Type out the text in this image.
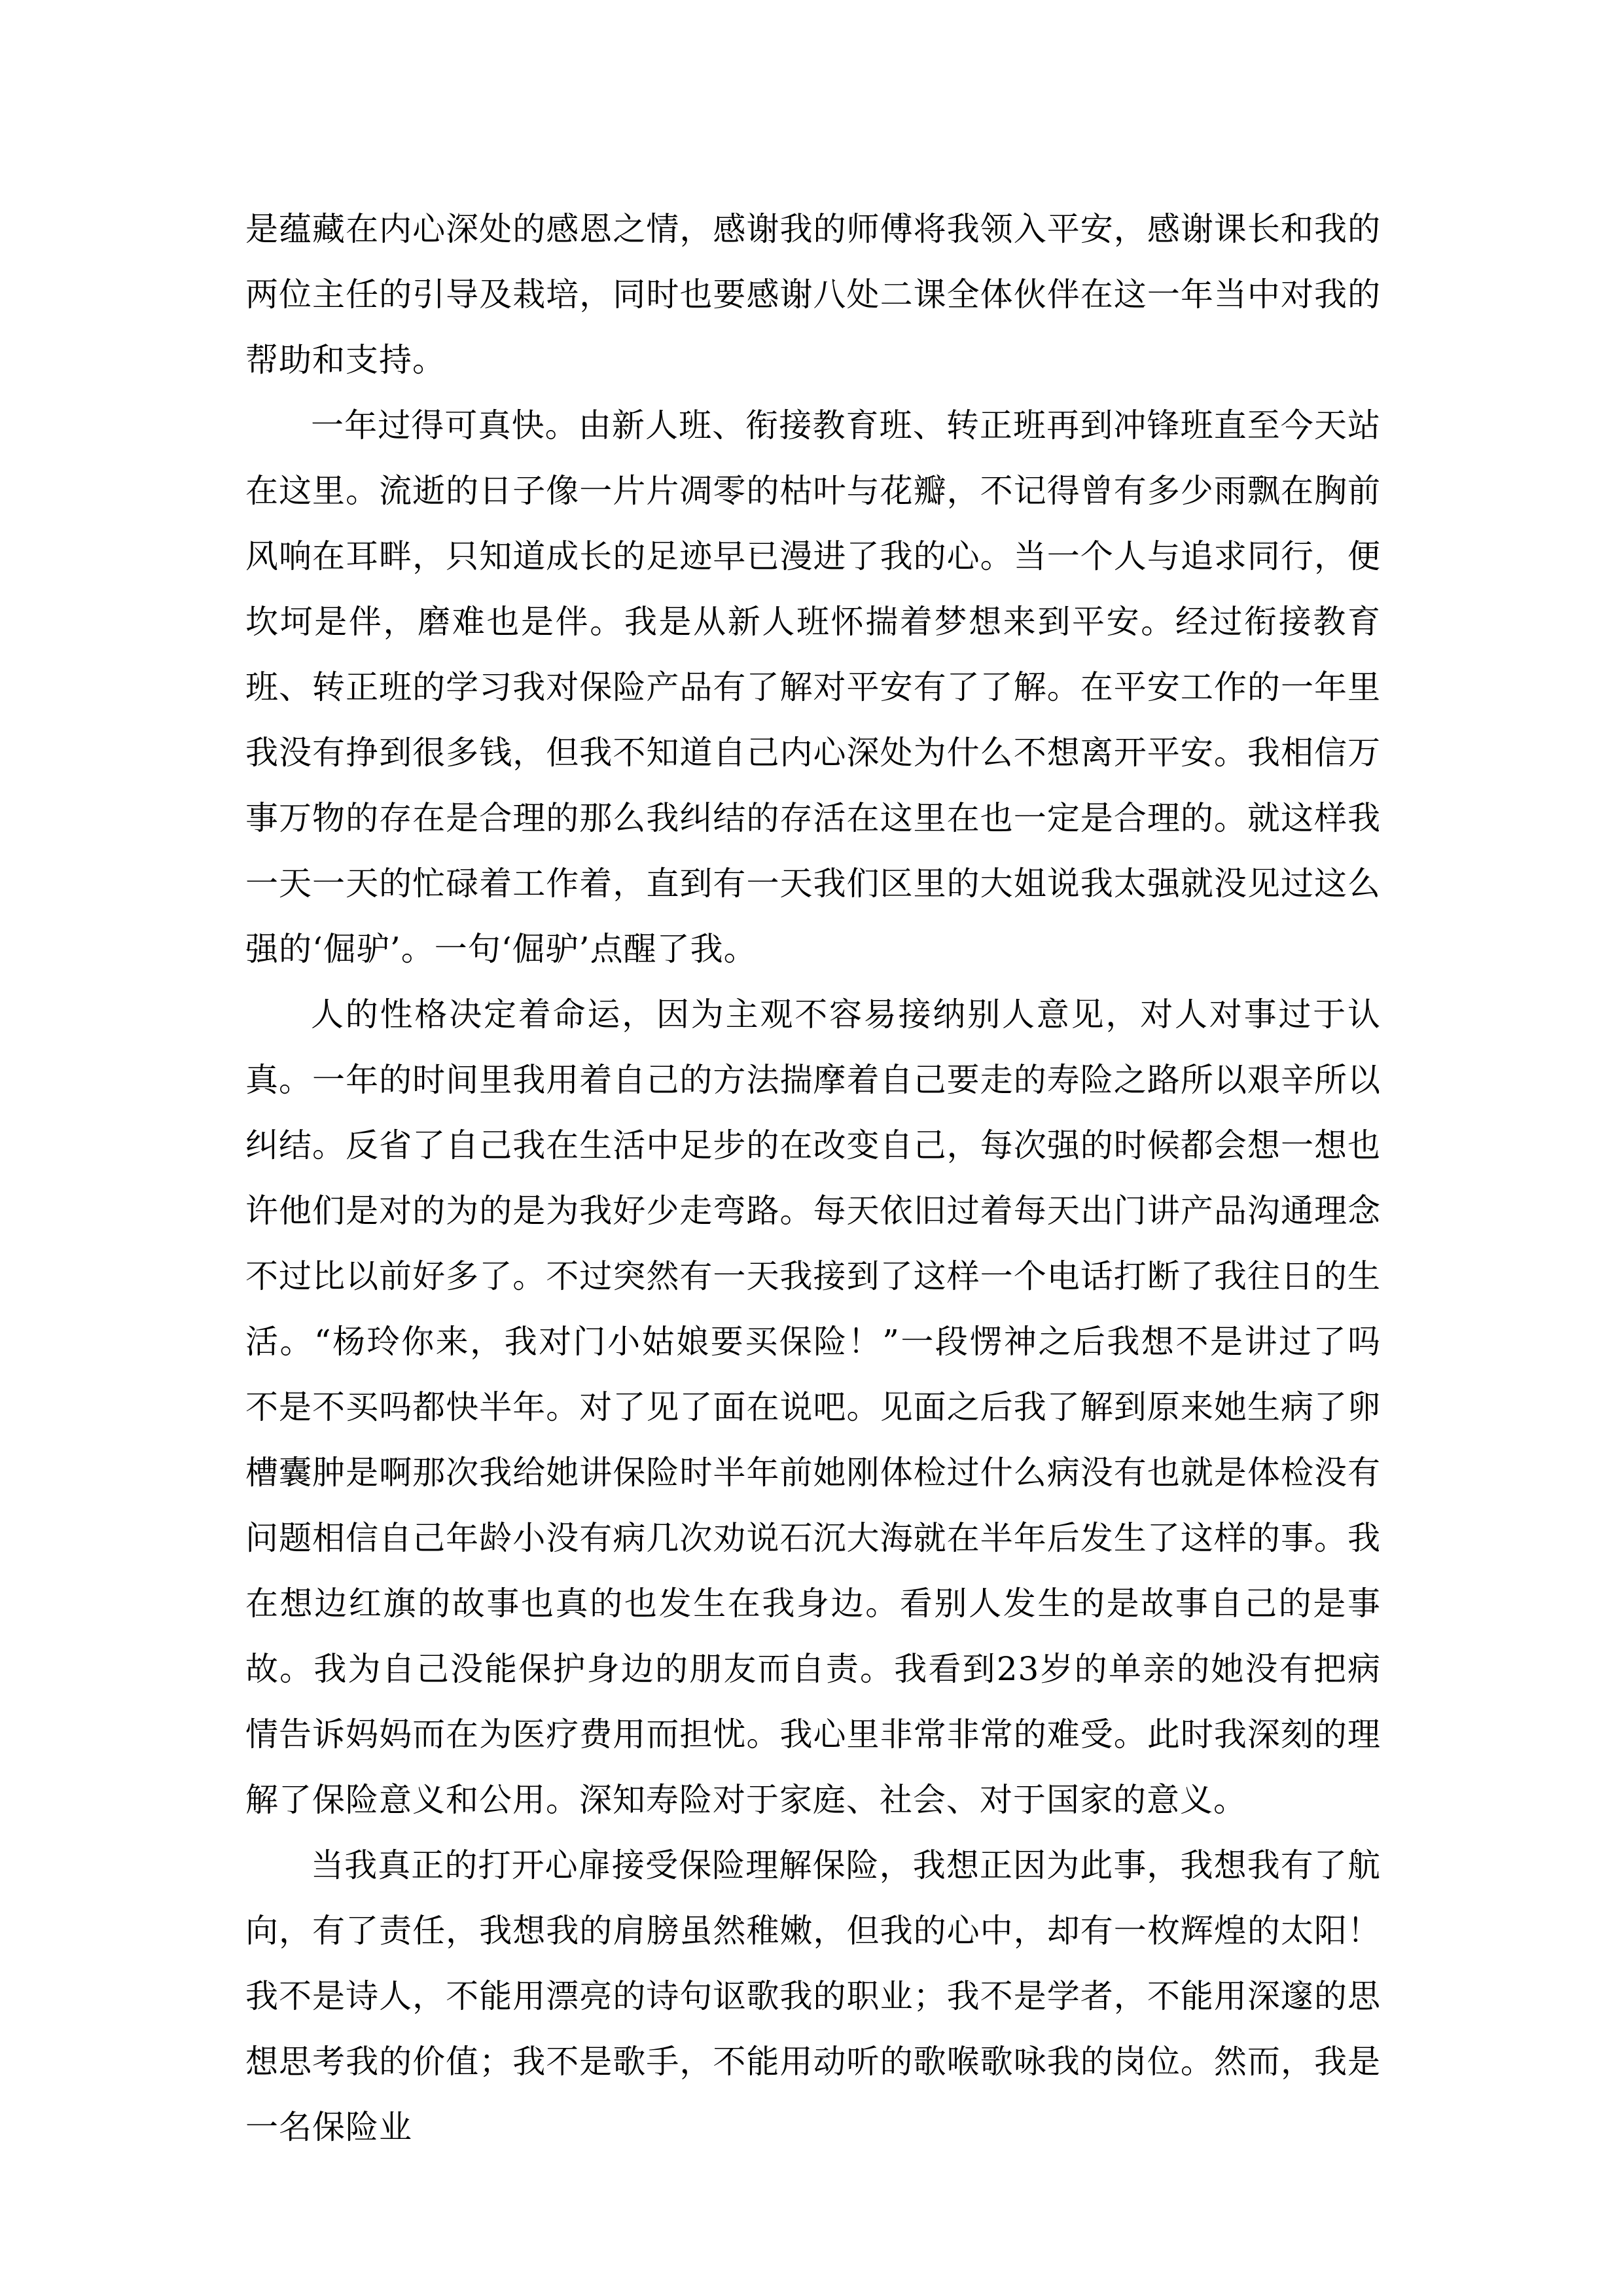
是蕴藏在内心深处的感恩之情，感谢我的师傅将我领入平安，感谢课长和我的两位主任的引导及栽培，同时也要感谢八处二课全体伙伴在这一年当中对我的帮助和支持。

一年过得可真快。由新人班、衔接教育班、转正班再到冲锋班直至今天站在这里。流逝的日子像一片片凋零的枯叶与花瓣，不记得曾有多少雨飘在胸前风响在耳畔，只知道成长的足迹早已漫进了我的心。当一个人与追求同行，便坎坷是伴，磨难也是伴。我是从新人班怀揣着梦想来到平安。经过衔接教育班、转正班的学习我对保险产品有了解对平安有了了解。在平安工作的一年里我没有挣到很多钱，但我不知道自己内心深处为什么不想离开平安。我相信万事万物的存在是合理的那么我纠结的存活在这里在也一定是合理的。就这样我一天一天的忙碌着工作着，直到有一天我们区里的大姐说我太强就没见过这么强的‘倔驴’。一句‘倔驴’点醒了我。

人的性格决定着命运，因为主观不容易接纳别人意见，对人对事过于认真。一年的时间里我用着自己的方法揣摩着自己要走的寿险之路所以艰辛所以纠结。反省了自己我在生活中足步的在改变自己，每次强的时候都会想一想也许他们是对的为的是为我好少走弯路。每天依旧过着每天出门讲产品沟通理念不过比以前好多了。不过突然有一天我接到了这样一个电话打断了我往日的生活。“杨玲你来，我对门小姑娘要买保险！”一段愣神之后我想不是讲过了吗不是不买吗都快半年。对了见了面在说吧。见面之后我了解到原来她生病了卵槽囊肿是啊那次我给她讲保险时半年前她刚体检过什么病没有也就是体检没有问题相信自己年龄小没有病几次劝说石沉大海就在半年后发生了这样的事。我在想边红旗的故事也真的也发生在我身边。看别人发生的是故事自己的是事故。我为自己没能保护身边的朋友而自责。我看到23岁的单亲的她没有把病情告诉妈妈而在为医疗费用而担忧。我心里非常非常的难受。此时我深刻的理解了保险意义和公用。深知寿险对于家庭、社会、对于国家的意义。

当我真正的打开心扉接受保险理解保险，我想正因为此事，我想我有了航向，有了责任，我想我的肩膀虽然稚嫩，但我的心中，却有一枚辉煌的太阳！我不是诗人，不能用漂亮的诗句讴歌我的职业；我不是学者，不能用深邃的思想思考我的价值；我不是歌手，不能用动听的歌喉歌咏我的岗位。然而，我是一名保险业
